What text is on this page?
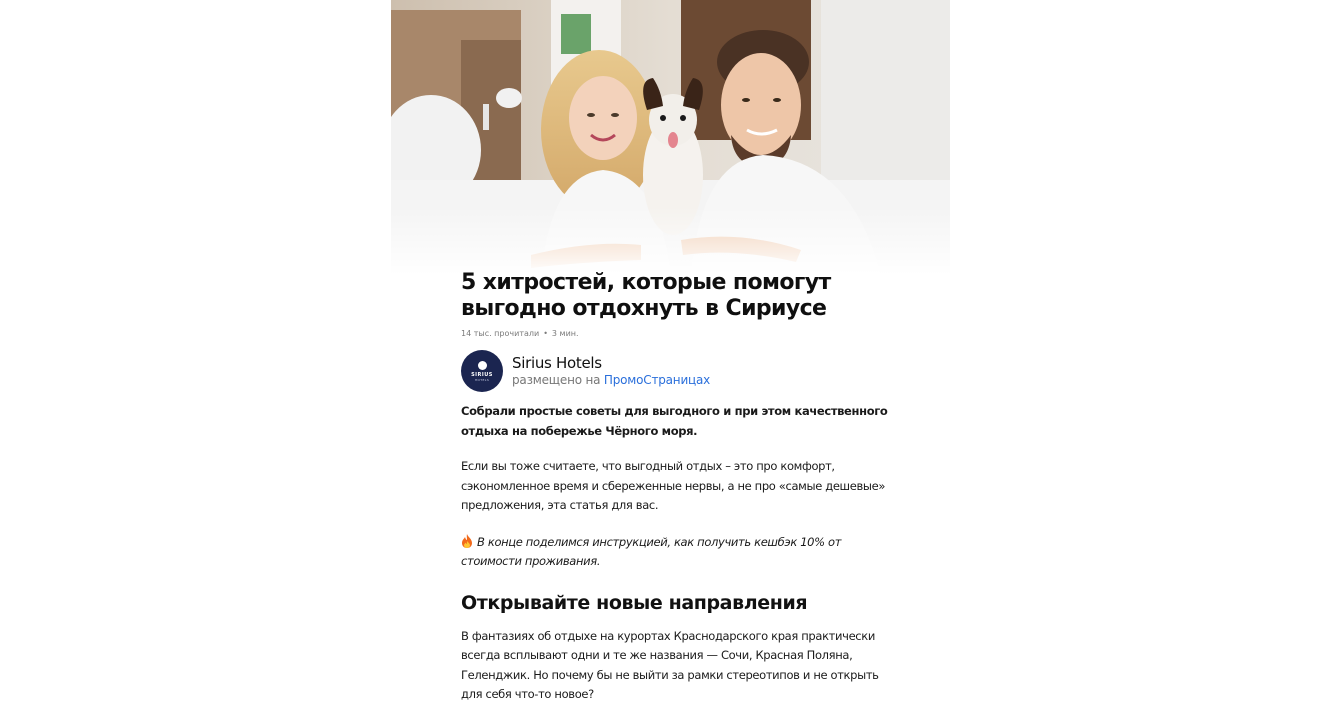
5 хитростей, которые помогут выгодно отдохнуть в Сириусе
14 тыс. прочитали • 3 мин.
SIRIUS
HOTELS
Sirius Hotels
размещено на ПромоСтраницах

Собрали простые советы для выгодного и при этом качественного отдыха на побережье Чёрного моря.

Если вы тоже считаете, что выгодный отдых – это про комфорт, сэкономленное время и сбереженные нервы, а не про «самые дешевые» предложения, эта статья для вас.

В конце поделимся инструкцией, как получить кешбэк 10% от стоимости проживания.

Открывайте новые направления

В фантазиях об отдыхе на курортах Краснодарского края практически всегда всплывают одни и те же названия — Сочи, Красная Поляна, Геленджик. Но почему бы не выйти за рамки стереотипов и не открыть для себя что-то новое?
